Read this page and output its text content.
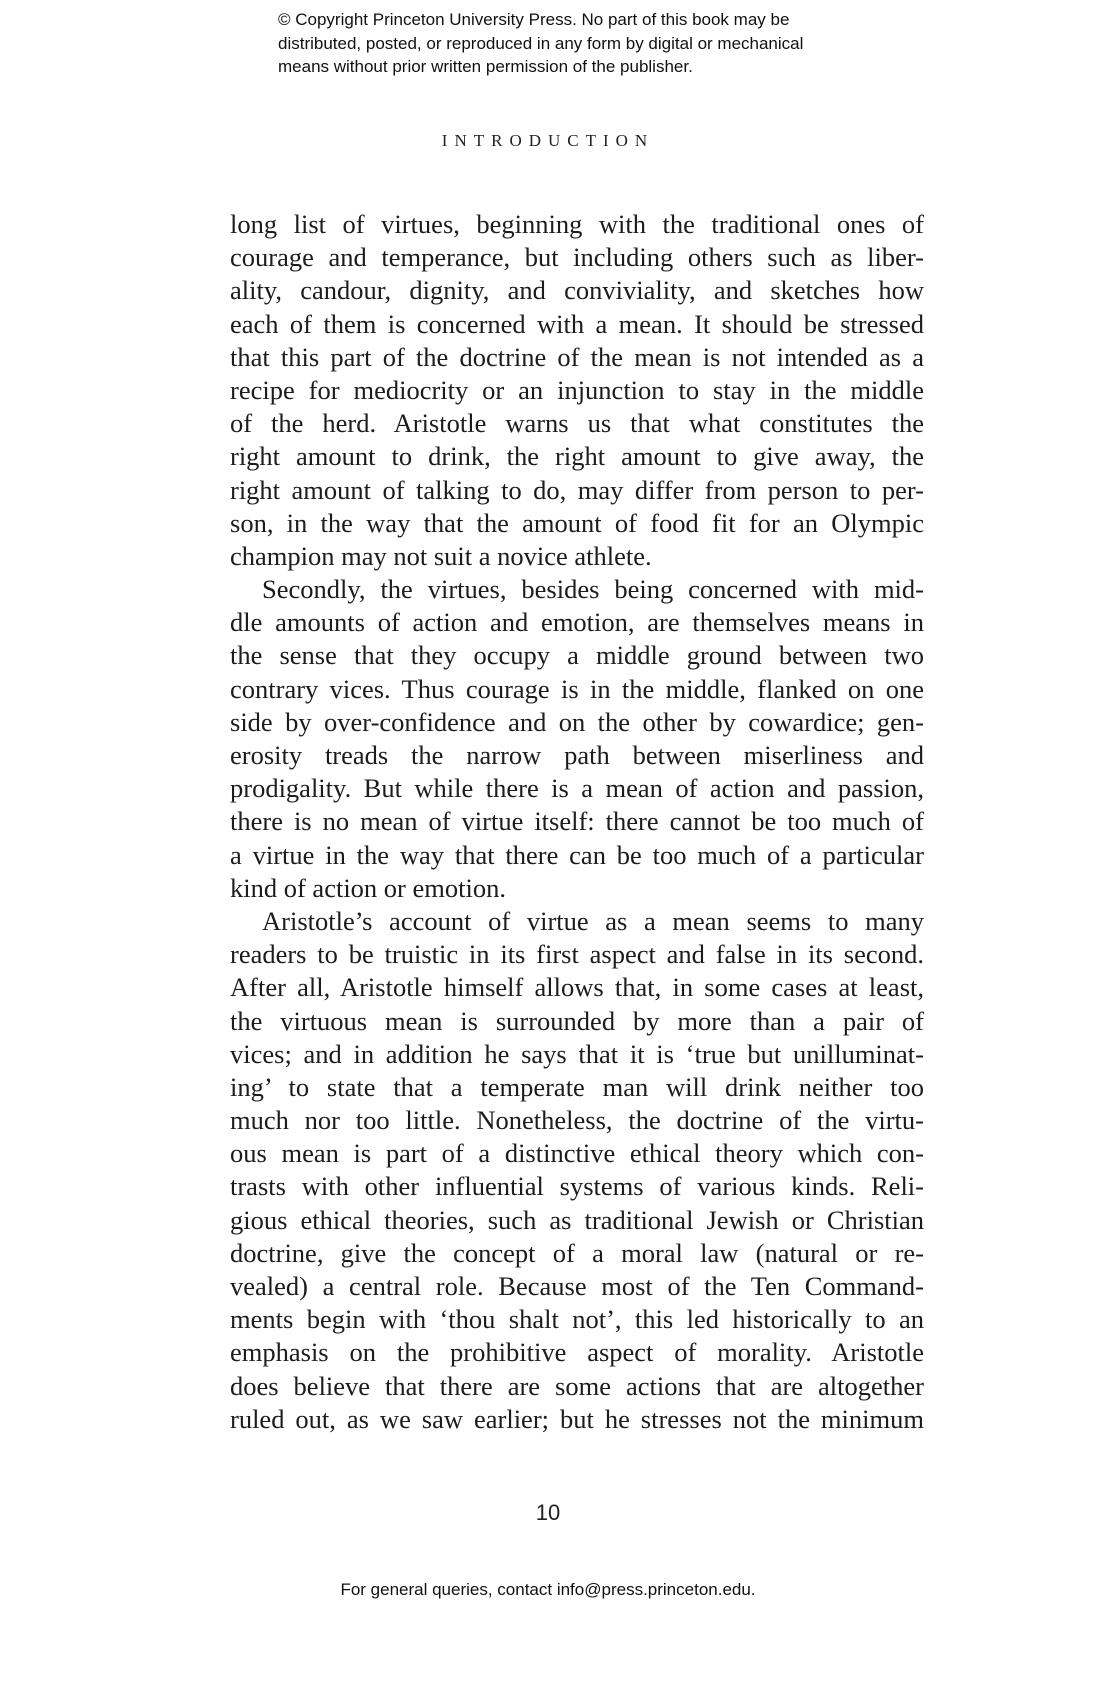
© Copyright Princeton University Press. No part of this book may be
distributed, posted, or reproduced in any form by digital or mechanical
means without prior written permission of the publisher.
INTRODUCTION
long list of virtues, beginning with the traditional ones of
courage and temperance, but including others such as liber-
ality, candour, dignity, and conviviality, and sketches how
each of them is concerned with a mean. It should be stressed
that this part of the doctrine of the mean is not intended as a
recipe for mediocrity or an injunction to stay in the middle
of the herd. Aristotle warns us that what constitutes the
right amount to drink, the right amount to give away, the
right amount of talking to do, may differ from person to per-
son, in the way that the amount of food fit for an Olympic
champion may not suit a novice athlete.
Secondly, the virtues, besides being concerned with mid-
dle amounts of action and emotion, are themselves means in
the sense that they occupy a middle ground between two
contrary vices. Thus courage is in the middle, flanked on one
side by over-confidence and on the other by cowardice; gen-
erosity treads the narrow path between miserliness and
prodigality. But while there is a mean of action and passion,
there is no mean of virtue itself: there cannot be too much of
a virtue in the way that there can be too much of a particular
kind of action or emotion.
Aristotle’s account of virtue as a mean seems to many
readers to be truistic in its first aspect and false in its second.
After all, Aristotle himself allows that, in some cases at least,
the virtuous mean is surrounded by more than a pair of
vices; and in addition he says that it is ‘true but unilluminat-
ing’ to state that a temperate man will drink neither too
much nor too little. Nonetheless, the doctrine of the virtu-
ous mean is part of a distinctive ethical theory which con-
trasts with other influential systems of various kinds. Reli-
gious ethical theories, such as traditional Jewish or Christian
doctrine, give the concept of a moral law (natural or re-
vealed) a central role. Because most of the Ten Command-
ments begin with ‘thou shalt not’, this led historically to an
emphasis on the prohibitive aspect of morality. Aristotle
does believe that there are some actions that are altogether
ruled out, as we saw earlier; but he stresses not the minimum
10
For general queries, contact info@press.princeton.edu.
